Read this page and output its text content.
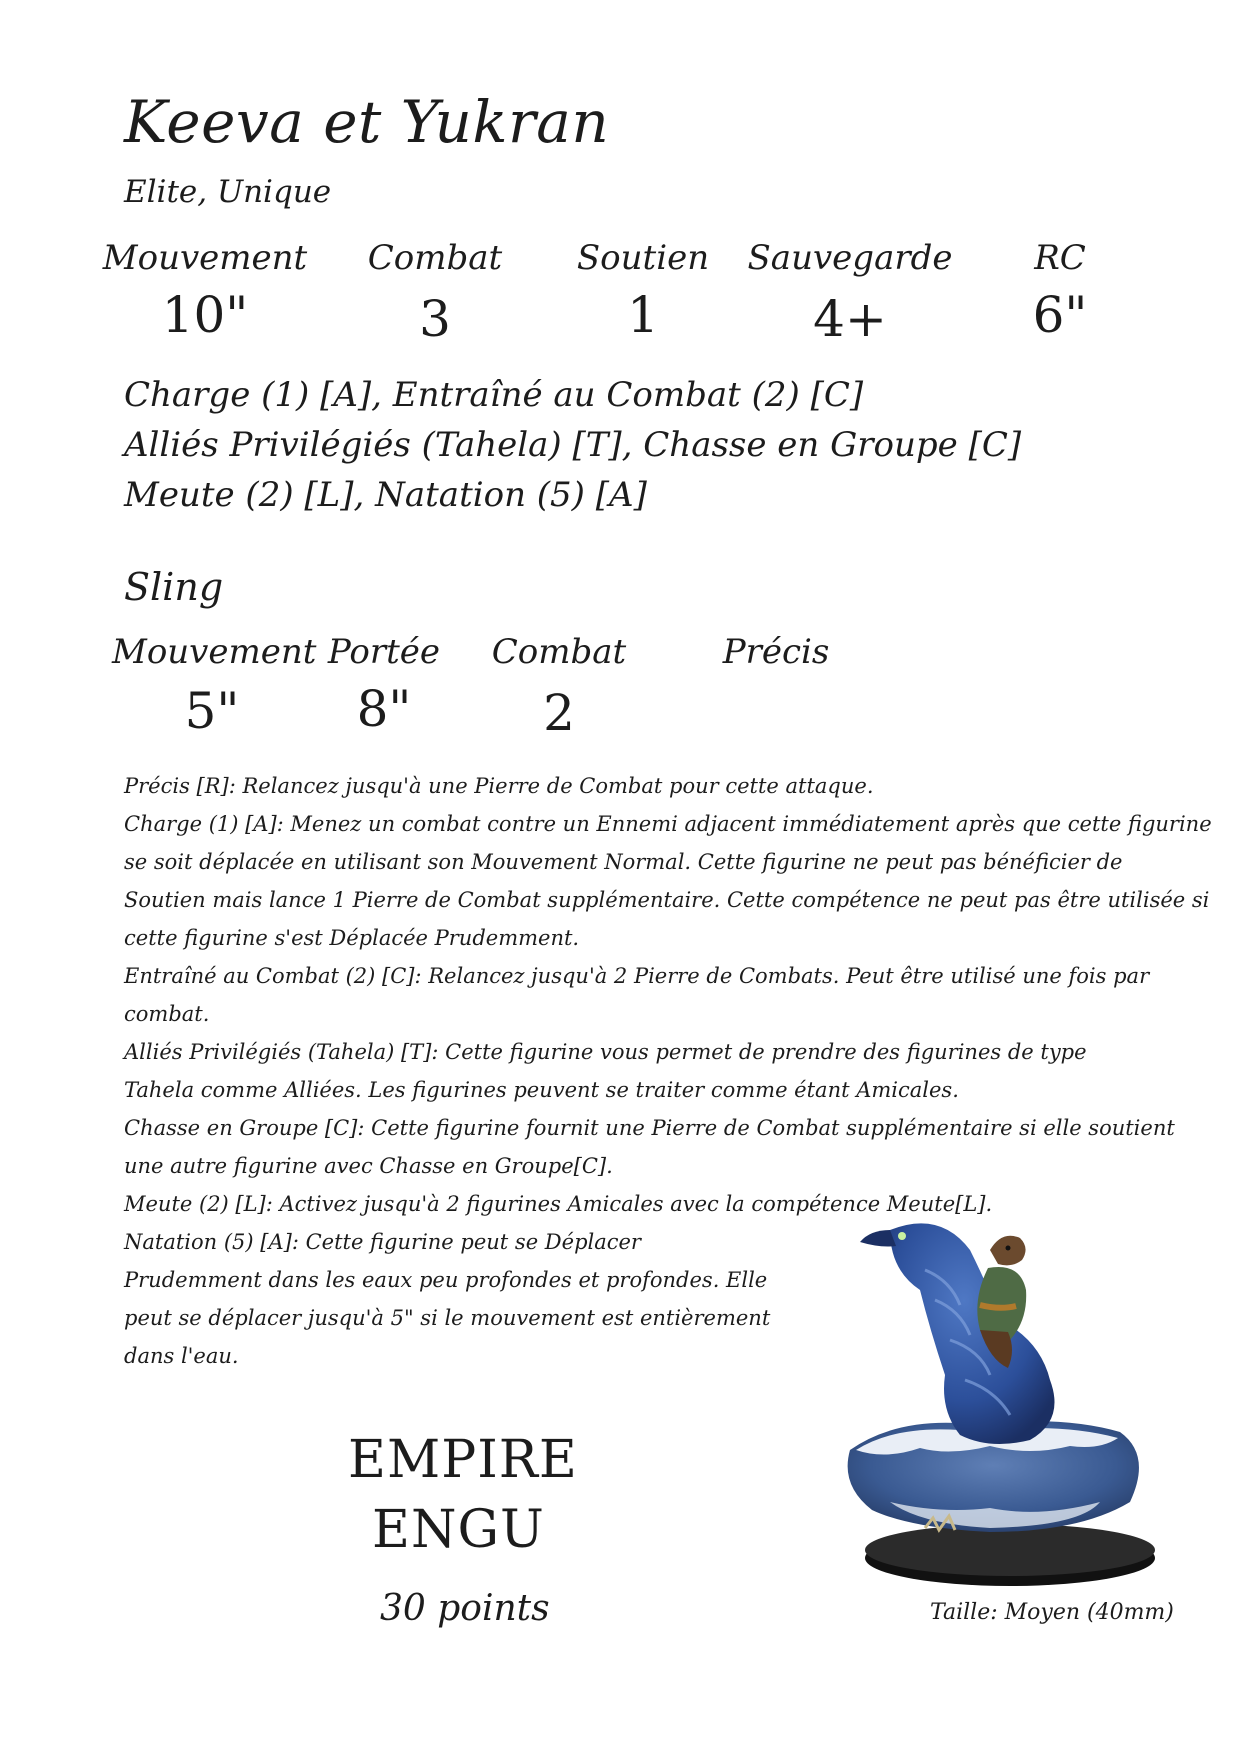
Keeva et Yukran
Elite, Unique
Mouvement
10"
Combat
3
Soutien
1
Sauvegarde
4+
RC
6"
Charge (1) [A], Entraîné au Combat (2) [C]
Alliés Privilégiés (Tahela) [T], Chasse en Groupe [C]
Meute (2) [L], Natation (5) [A]
Sling
Mouvement
5"
Portée
8"
Combat
2
Précis
Précis [R]: Relancez jusqu'à une Pierre de Combat pour cette attaque.
Charge (1) [A]: Menez un combat contre un Ennemi adjacent immédiatement après que cette figurine
se soit déplacée en utilisant son Mouvement Normal. Cette figurine ne peut pas bénéficier de
Soutien mais lance 1 Pierre de Combat supplémentaire. Cette compétence ne peut pas être utilisée si
cette figurine s'est Déplacée Prudemment.
Entraîné au Combat (2) [C]: Relancez jusqu'à 2 Pierre de Combats. Peut être utilisé une fois par
combat.
Alliés Privilégiés (Tahela) [T]: Cette figurine vous permet de prendre des figurines de type
Tahela comme Alliées. Les figurines peuvent se traiter comme étant Amicales.
Chasse en Groupe [C]: Cette figurine fournit une Pierre de Combat supplémentaire si elle soutient
une autre figurine avec Chasse en Groupe[C].
Meute (2) [L]: Activez jusqu'à 2 figurines Amicales avec la compétence Meute[L].
Natation (5) [A]: Cette figurine peut se Déplacer
Prudemment dans les eaux peu profondes et profondes. Elle
peut se déplacer jusqu'à 5" si le mouvement est entièrement
dans l'eau.
EMPIRE
ENGU
30 points	Taille: Moyen (40mm)
